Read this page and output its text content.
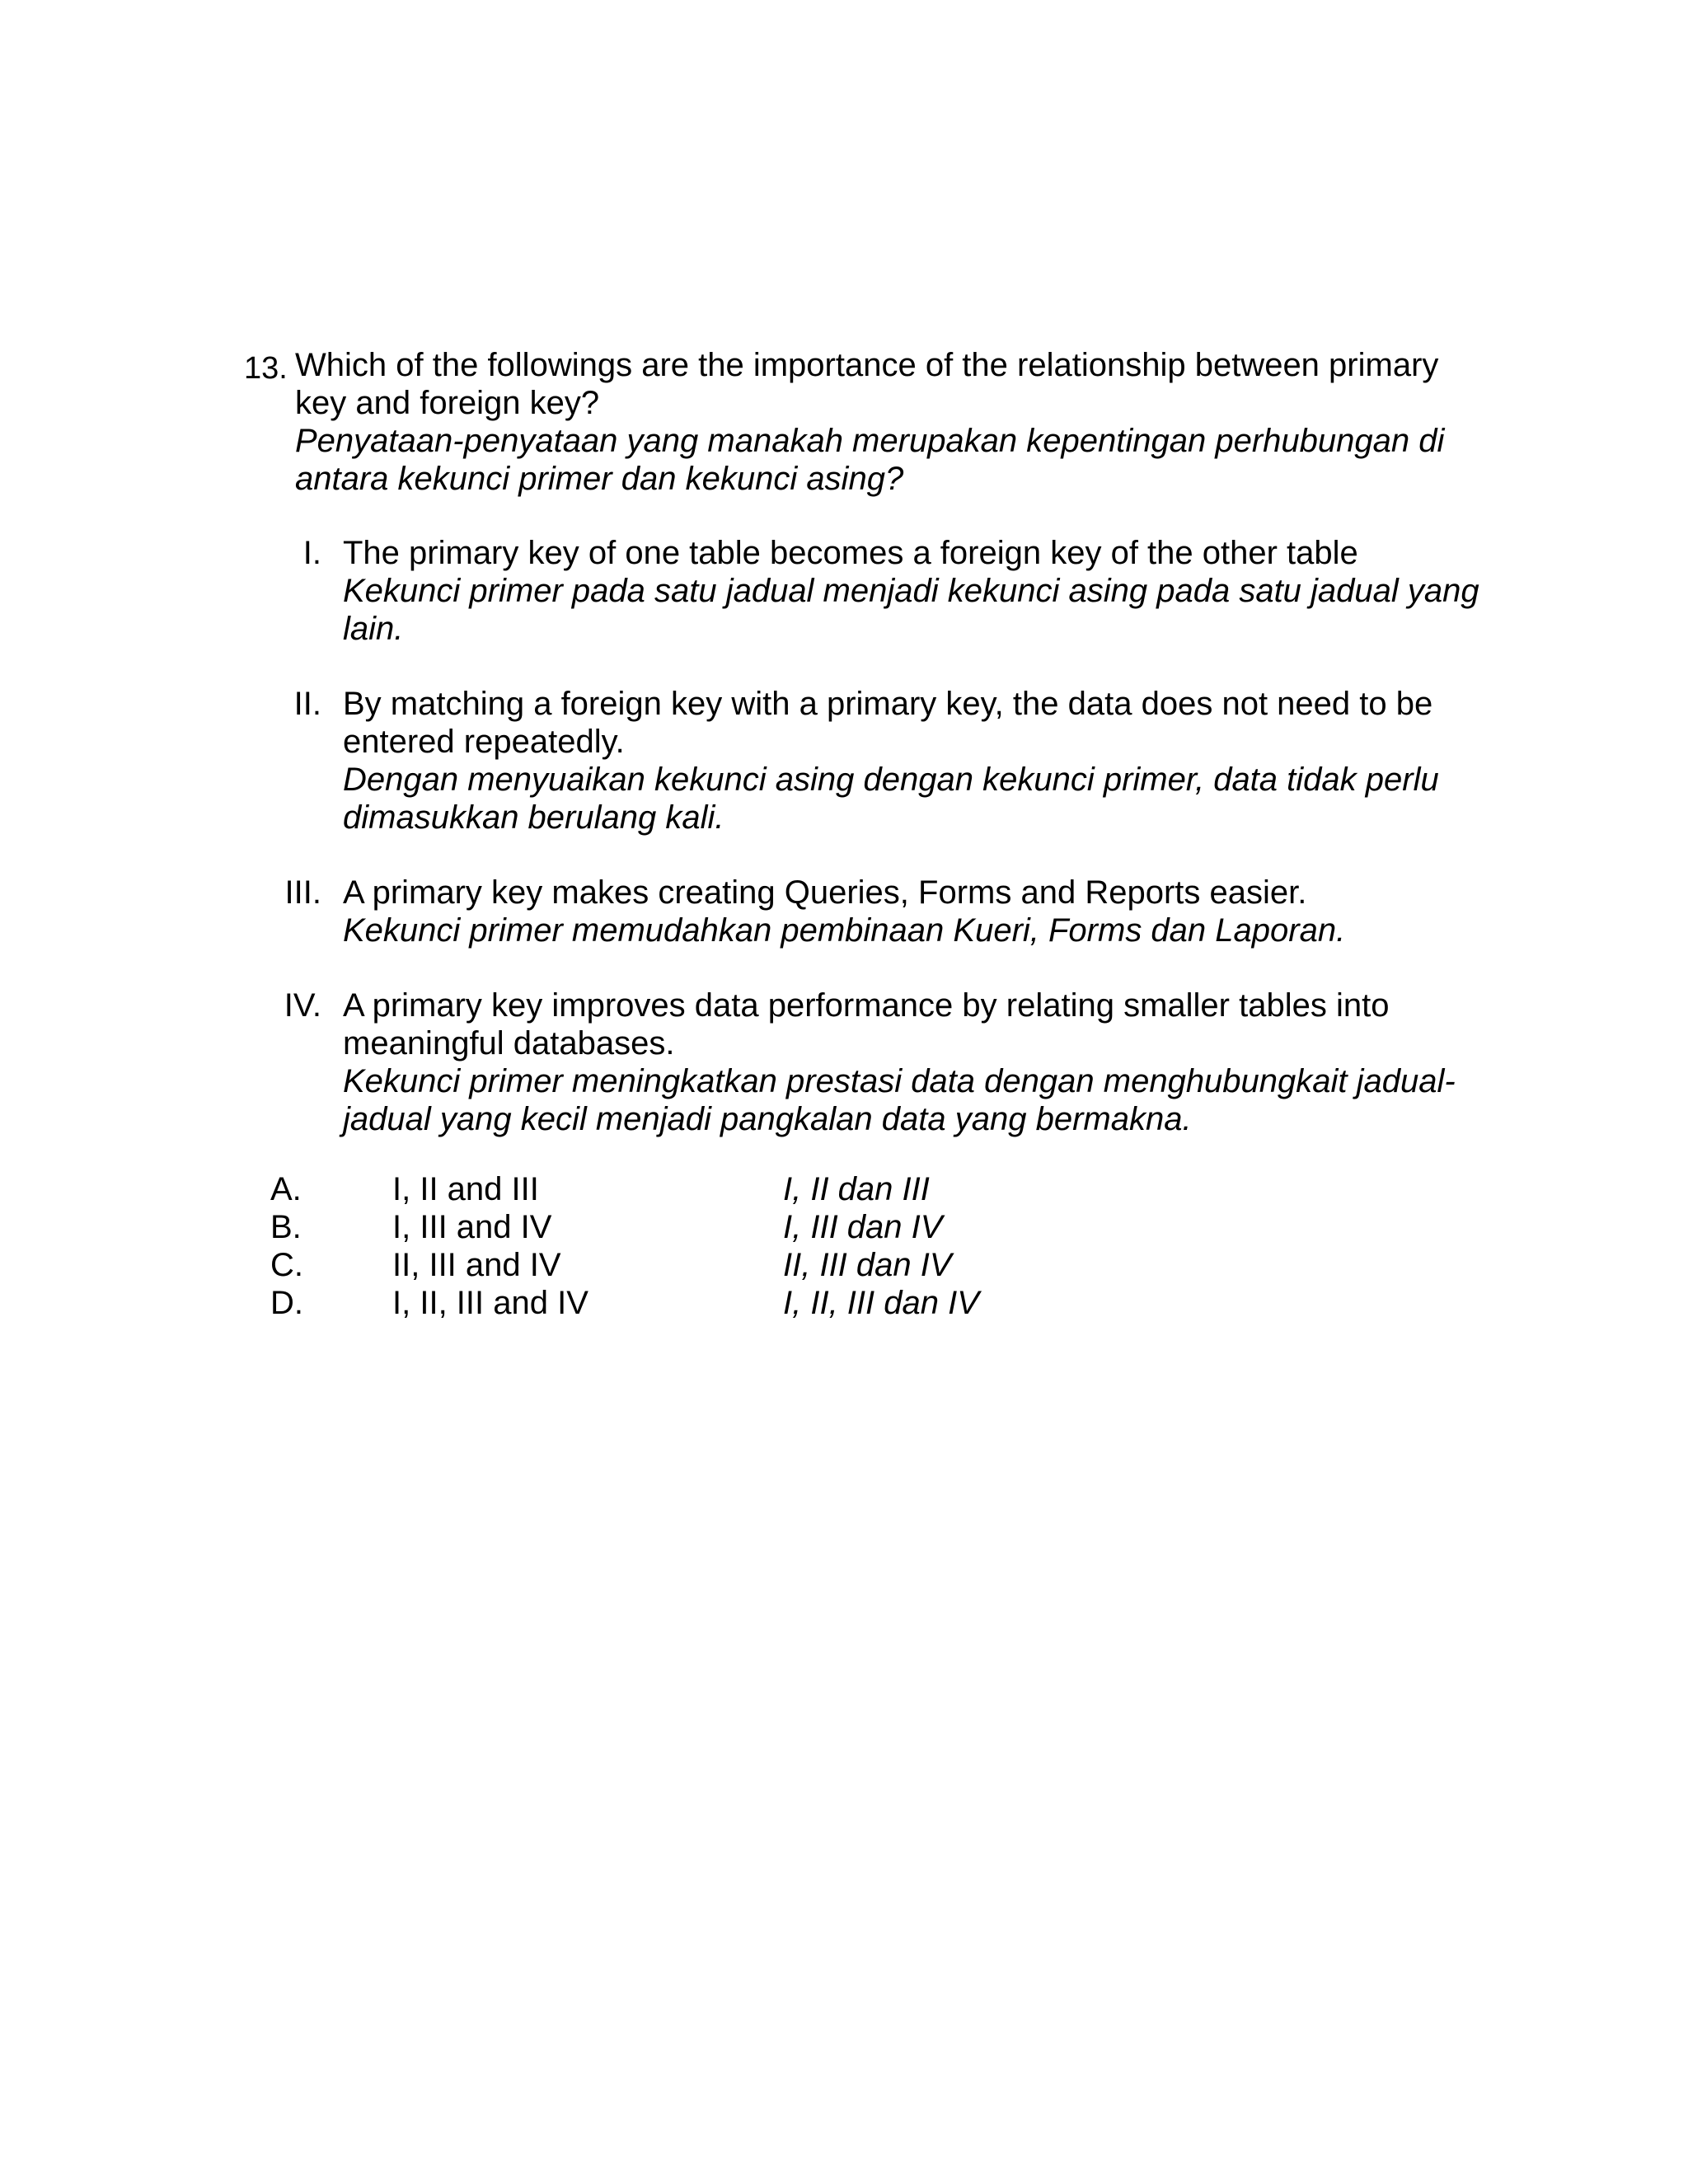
13. Which of the followings are the importance of the relationship between primary key and foreign key?

Penyataan-penyataan yang manakah merupakan kepentingan perhubungan di antara kekunci primer dan kekunci asing?

I. The primary key of one table becomes a foreign key of the other table

Kekunci primer pada satu jadual menjadi kekunci asing pada satu jadual yang lain.

II. By matching a foreign key with a primary key, the data does not need to be entered repeatedly.

Dengan menyuaikan kekunci asing dengan kekunci primer, data tidak perlu dimasukkan berulang kali.

III. A primary key makes creating Queries, Forms and Reports easier.

Kekunci primer memudahkan pembinaan Kueri, Forms dan Laporan.

IV. A primary key improves data performance by relating smaller tables into meaningful databases.

Kekunci primer meningkatkan prestasi data dengan menghubungkait jadual-jadual yang kecil menjadi pangkalan data yang bermakna.

A.	I, II and III	I, II dan III
B.	I, III and IV	I, III dan IV
C.	II, III and IV	II, III dan IV
D.	I, II, III and IV	I, II, III dan IV
